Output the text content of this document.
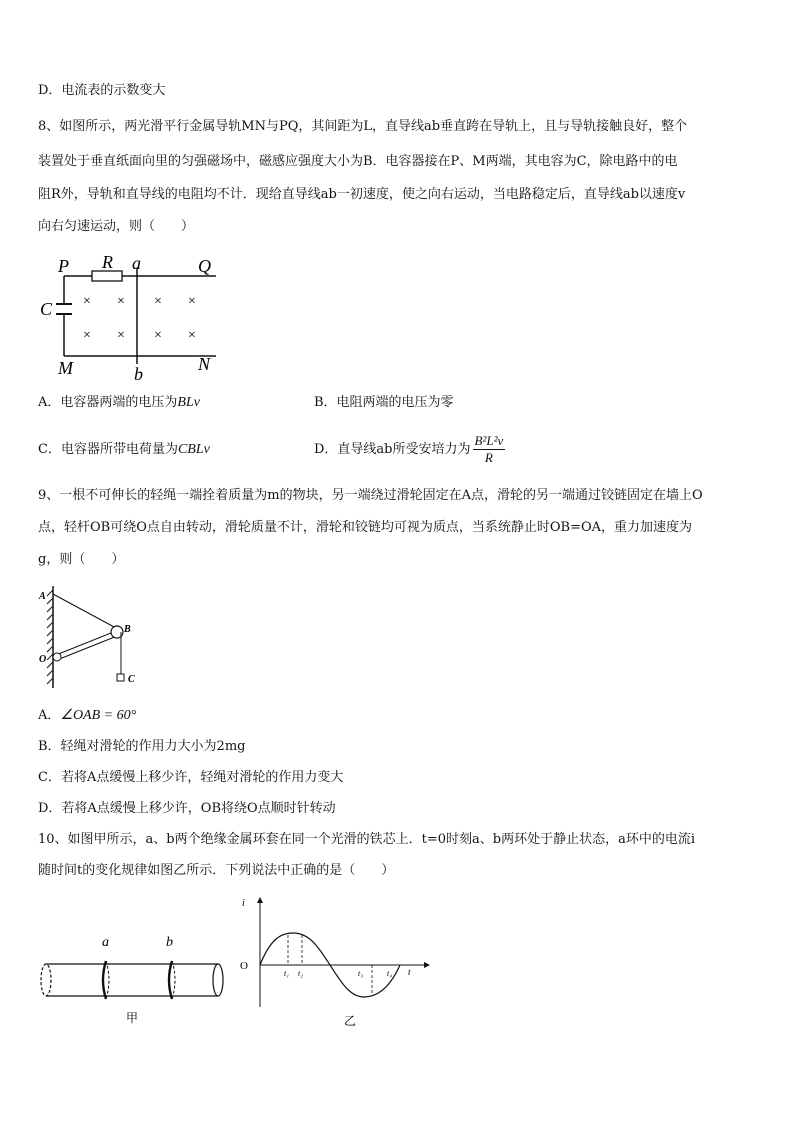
D．电流表的示数变大
8、如图所示，两光滑平行金属导轨MN与PQ，其间距为L，直导线ab垂直跨在导轨上，且与导轨接触良好，整个
装置处于垂直纸面向里的匀强磁场中，磁感应强度大小为B．电容器接在P、M两端，其电容为C，除电路中的电
阻R外，导轨和直导线的电阻均不计．现给直导线ab一初速度，使之向右运动，当电路稳定后，直导线ab以速度v
向右匀速运动，则（　　）
P R a	Q
C
M	b	N
× × × ×
× × × ×
A．电容器两端的电压为BLv	B．电阻两端的电压为零
C．电容器所带电荷量为CBLv	D．直导线ab所受安培力为 $\frac{\text{B²L²v}}{R}$
9、一根不可伸长的轻绳一端拴着质量为m的物块，另一端绕过滑轮固定在A点，滑轮的另一端通过铰链固定在墙上O
点，轻杆OB可绕O点自由转动，滑轮质量不计，滑轮和铰链均可视为质点，当系统静止时OB=OA，重力加速度为
g，则（　　）
A
B
O
C
A．∠OAB = 60°
B．轻绳对滑轮的作用力大小为2mg
C．若将A点缓慢上移少许，轻绳对滑轮的作用力变大
D．若将A点缓慢上移少许，OB将绕O点顺时针转动
10、如图甲所示，a、b两个绝缘金属环套在同一个光滑的铁芯上．t=0时刻a、b两环处于静止状态，a环中的电流i
随时间t的变化规律如图乙所示．下列说法中正确的是（　　）
a	b
甲
i
O	t
t₁ t₂	t₃	t₄
乙
